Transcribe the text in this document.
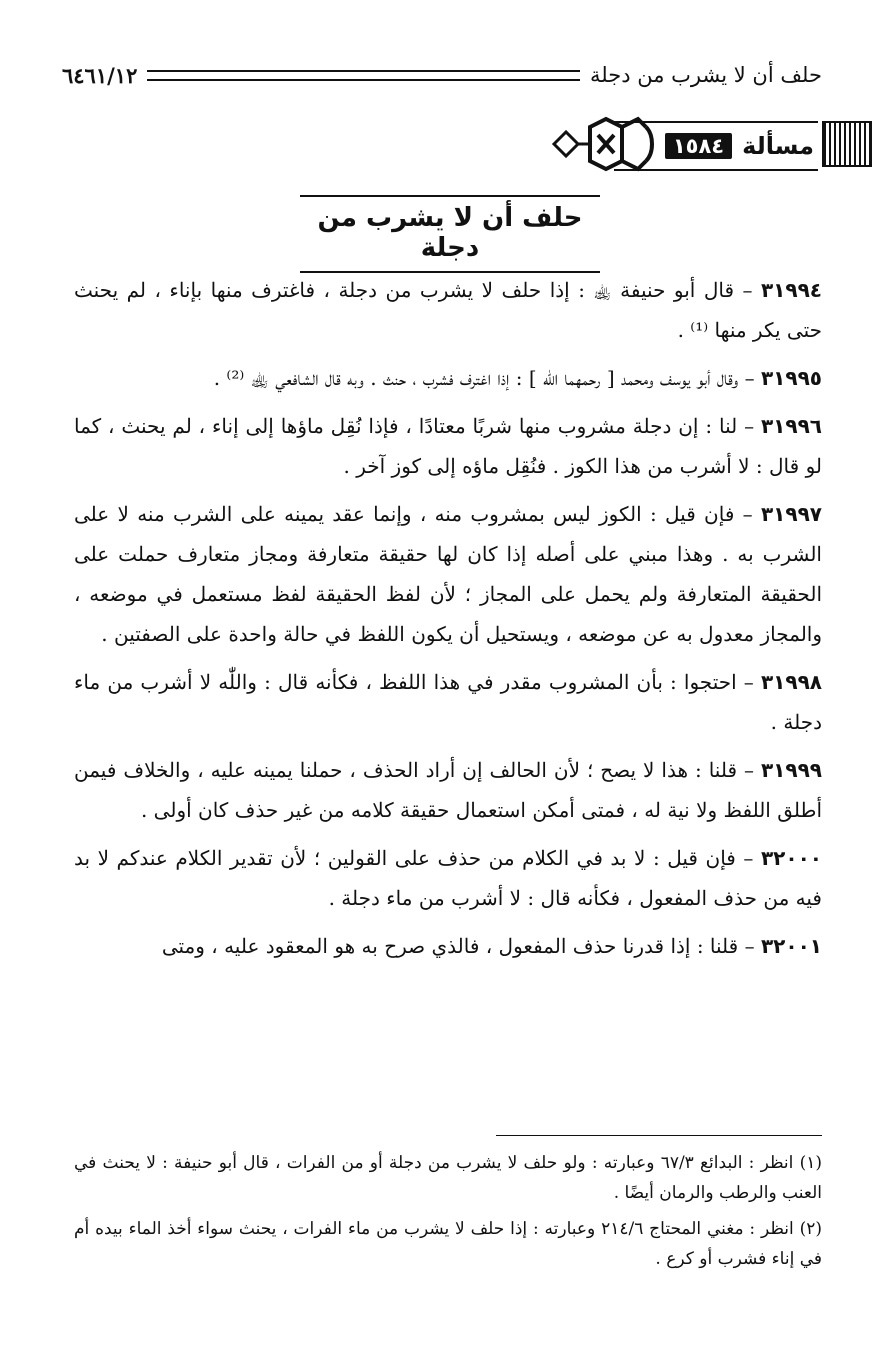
حلف أن لا يشرب من دجلة
٦٤٦١/١٢
مسألة
١٥٨٤
حلف أن لا يشرب من دجلة

٣١٩٩٤ – قال أبو حنيفة ﵀ : إذا حلف لا يشرب من دجلة ، فاغترف منها بإناء ، لم يحنث حتى يكر منها ⁽¹⁾ .

٣١٩٩٥ – وقال أبو يوسف ومحمد [ رحمهما اللّٰه ] : إذا اغترف فشرب ، حنث . وبه قال الشافعي ﵀ ⁽²⁾ .

٣١٩٩٦ – لنا : إن دجلة مشروب منها شربًا معتادًا ، فإذا نُقِل ماؤها إلى إناء ، لم يحنث ، كما لو قال : لا أشرب من هذا الكوز . فنُقِل ماؤه إلى كوز آخر .

٣١٩٩٧ – فإن قيل : الكوز ليس بمشروب منه ، وإنما عقد يمينه على الشرب منه لا على الشرب به . وهذا مبني على أصله إذا كان لها حقيقة متعارفة ومجاز متعارف حملت على الحقيقة المتعارفة ولم يحمل على المجاز ؛ لأن لفظ الحقيقة لفظ مستعمل في موضعه ، والمجاز معدول به عن موضعه ، ويستحيل أن يكون اللفظ في حالة واحدة على الصفتين .

٣١٩٩٨ – احتجوا : بأن المشروب مقدر في هذا اللفظ ، فكأنه قال : واللّٰه لا أشرب من ماء دجلة .

٣١٩٩٩ – قلنا : هذا لا يصح ؛ لأن الحالف إن أراد الحذف ، حملنا يمينه عليه ، والخلاف فيمن أطلق اللفظ ولا نية له ، فمتى أمكن استعمال حقيقة كلامه من غير حذف كان أولى .

٣٢٠٠٠ – فإن قيل : لا بد في الكلام من حذف على القولين ؛ لأن تقدير الكلام عندكم لا بد فيه من حذف المفعول ، فكأنه قال : لا أشرب من ماء دجلة .

٣٢٠٠١ – قلنا : إذا قدرنا حذف المفعول ، فالذي صرح به هو المعقود عليه ، ومتى

(١) انظر : البدائع ٦٧/٣ وعبارته : ولو حلف لا يشرب من دجلة أو من الفرات ، قال أبو حنيفة : لا يحنث في العنب والرطب والرمان أيضًا .

(٢) انظر : مغني المحتاج ٢١٤/٦ وعبارته : إذا حلف لا يشرب من ماء الفرات ، يحنث سواء أخذ الماء بيده أم في إناء فشرب أو كرع .
